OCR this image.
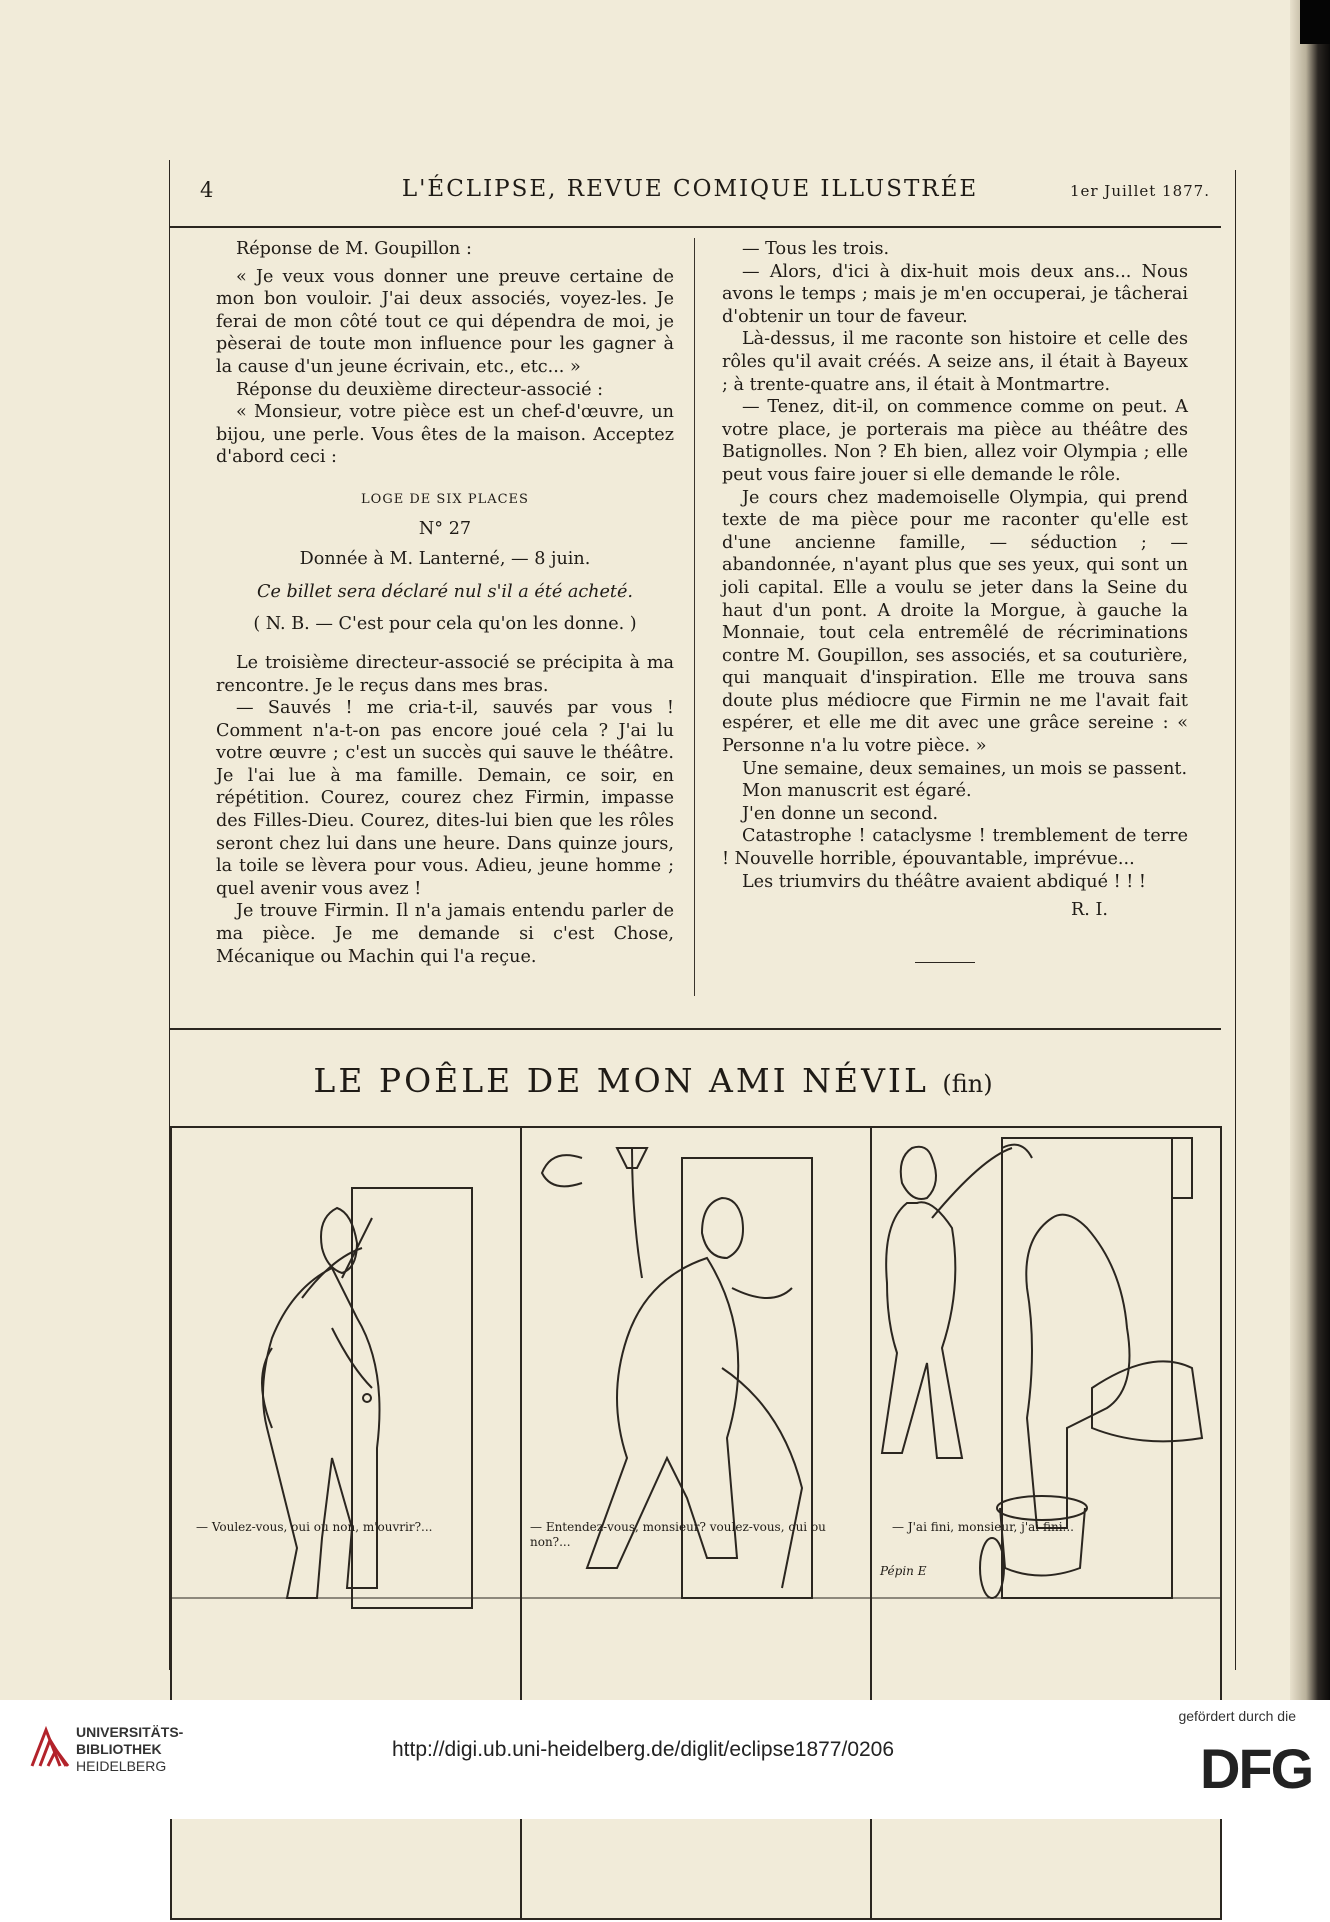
4	L'ÉCLIPSE, REVUE COMIQUE ILLUSTRÉE	1er Juillet 1877.

Réponse de M. Goupillon :

« Je veux vous donner une preuve certaine de mon bon vouloir. J'ai deux associés, voyez-les. Je ferai de mon côté tout ce qui dépendra de moi, je pèserai de toute mon influence pour les gagner à la cause d'un jeune écrivain, etc., etc... »

Réponse du deuxième directeur-associé :

« Monsieur, votre pièce est un chef-d'œuvre, un bijou, une perle. Vous êtes de la maison. Acceptez d'abord ceci :

LOGE DE SIX PLACES

N° 27

Donnée à M. Lanterné, — 8 juin.

Ce billet sera déclaré nul s'il a été acheté.

( N. B. — C'est pour cela qu'on les donne. )

Le troisième directeur-associé se précipita à ma rencontre. Je le reçus dans mes bras.

— Sauvés ! me cria-t-il, sauvés par vous ! Comment n'a-t-on pas encore joué cela ? J'ai lu votre œuvre ; c'est un succès qui sauve le théâtre. Je l'ai lue à ma famille. Demain, ce soir, en répétition. Courez, courez chez Firmin, impasse des Filles-Dieu. Courez, dites-lui bien que les rôles seront chez lui dans une heure. Dans quinze jours, la toile se lèvera pour vous. Adieu, jeune homme ; quel avenir vous avez !

Je trouve Firmin. Il n'a jamais entendu parler de ma pièce. Je me demande si c'est Chose, Mécanique ou Machin qui l'a reçue.

— Tous les trois.

— Alors, d'ici à dix-huit mois deux ans... Nous avons le temps ; mais je m'en occuperai, je tâcherai d'obtenir un tour de faveur.

Là-dessus, il me raconte son histoire et celle des rôles qu'il avait créés. A seize ans, il était à Bayeux ; à trente-quatre ans, il était à Montmartre.

— Tenez, dit-il, on commence comme on peut. A votre place, je porterais ma pièce au théâtre des Batignolles. Non ? Eh bien, allez voir Olympia ; elle peut vous faire jouer si elle demande le rôle.

Je cours chez mademoiselle Olympia, qui prend texte de ma pièce pour me raconter qu'elle est d'une ancienne famille, — séduction ; — abandonnée, n'ayant plus que ses yeux, qui sont un joli capital. Elle a voulu se jeter dans la Seine du haut d'un pont. A droite la Morgue, à gauche la Monnaie, tout cela entremêlé de récriminations contre M. Goupillon, ses associés, et sa couturière, qui manquait d'inspiration. Elle me trouva sans doute plus médiocre que Firmin ne me l'avait fait espérer, et elle me dit avec une grâce sereine : « Personne n'a lu votre pièce. »

Une semaine, deux semaines, un mois se passent.

Mon manuscrit est égaré.

J'en donne un second.

Catastrophe ! cataclysme ! tremblement de terre ! Nouvelle horrible, épouvantable, imprévue...

Les triumvirs du théâtre avaient abdiqué ! ! !

R. I.

LE POÊLE DE MON AMI NÉVIL (fin)
Pépin E
— Voulez-vous, oui ou non, m'ouvrir?...	— Entendez-vous, monsieur? voulez-vous, oui ou non?...
— J'ai fini, monsieur, j'ai fini...
UNIVERSITÄTS-
BIBLIOTHEK
HEIDELBERG
http://digi.ub.uni-heidelberg.de/diglit/eclipse1877/0206
gefördert durch die
DFG
